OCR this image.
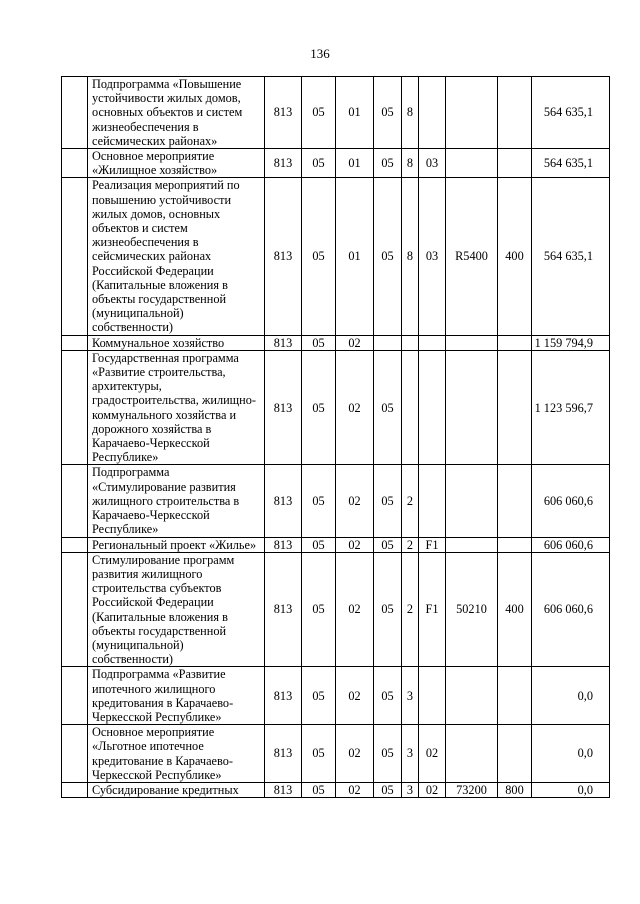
136
	Подпрограмма «Повышение устойчивости жилых домов, основных объектов и систем жизнеобеспечения в сейсмических районах»	813	05	01	05	8				564 635,1
	Основное мероприятие «Жилищное хозяйство»	813	05	01	05	8	03			564 635,1
	Реализация мероприятий по повышению устойчивости жилых домов, основных объектов и систем жизнеобеспечения в сейсмических районах Российской Федерации (Капитальные вложения в объекты государственной (муниципальной) собственности)	813	05	01	05	8	03	R5400	400	564 635,1
	Коммунальное хозяйство	813	05	02						1 159 794,9
	Государственная программа «Развитие строительства, архитектуры, градостроительства, жилищно-коммунального хозяйства и дорожного хозяйства в Карачаево-Черкесской Республике»	813	05	02	05					1 123 596,7
	Подпрограмма «Стимулирование развития жилищного строительства в Карачаево-Черкесской Республике»	813	05	02	05	2				606 060,6
	Региональный проект «Жилье»	813	05	02	05	2	F1			606 060,6
	Стимулирование программ развития жилищного строительства субъектов Российской Федерации (Капитальные вложения в объекты государственной (муниципальной) собственности)	813	05	02	05	2	F1	50210	400	606 060,6
	Подпрограмма «Развитие ипотечного жилищного кредитования в Карачаево-Черкесской Республике»	813	05	02	05	3				0,0
	Основное мероприятие «Льготное ипотечное кредитование в Карачаево-Черкесской Республике»	813	05	02	05	3	02			0,0
	Субсидирование кредитных	813	05	02	05	3	02	73200	800	0,0
